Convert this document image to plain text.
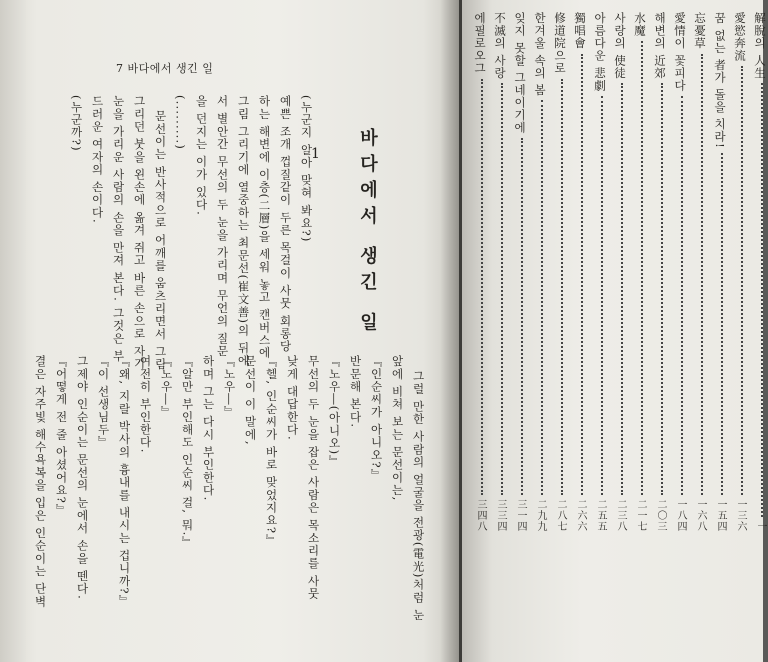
7 바다에서 생긴 일
바다에서 생긴 일
1
(누군지 알아 맞혀 봐요?)
예쁜 조개 껍질같이 두른 목걸이 사뭇 회롱당
하는 해변에 이층(二層)을 세워 놓고 캔버스에
그림 그리기에 열중하는 최문선(崔文善)의 뒤에
서 별안간 무선의 두 눈을 가리며 무언의 질문
을 던지는 이가 있다.
(.........)
문선이는 반사적으로 어깨를 움츠리면서 그림
그리던 붓을 왼손에 옮겨 쥐고 바른 손으로 자기
눈을 가리운 사람의 손을 만져 본다. 그것은 부
드러운 여자의 손이다.
(누군까?)
그럴 만한 사람의 얼굴을 전광(電光)처럼 눈
앞에 비쳐 보는 문선이는,
『인순씨가 아니오?』
반문해 본다.
『노우―(아니오)』
무선의 두 눈을 잡은 사람은 목소리를 사뭇
낮게 대답한다.
『헬, 인순씨가 바로 맞었지요?』
문선이 이 말에,
『노우―』
하며 그는 다시 부인한다.
『알만 부인해도 인순씨 걸, 뭐.』
『노우―』
여전히 부인한다.
『왜, 지랄 박사의 흉내를 내시는 겁니까?』
『이 선생님두』
그제야 인순이는 문선의 눈에서 손을 뗀다.
『어떻게 전 줄 아셨어요?』
결은 자주빛 해수욕복을 입은 인순이는 단벽
解脫의 人生
一
愛慾奔流
一三六
꿈 없는 者가 돌을 치라!
一五四
忘憂草
一六八
愛情이 꽃피다
一八四
해변의 近郊
二〇三
水魔
二一七
사랑의 使徒
二三八
아름다운 悲劇
二五五
獨唱會
二六六
修道院으로
二八七
한겨울 속의 봄
二九九
잊지 못할 그네이기에
三一四
不滅의 사랑
三三四
에필로오그
三四八
